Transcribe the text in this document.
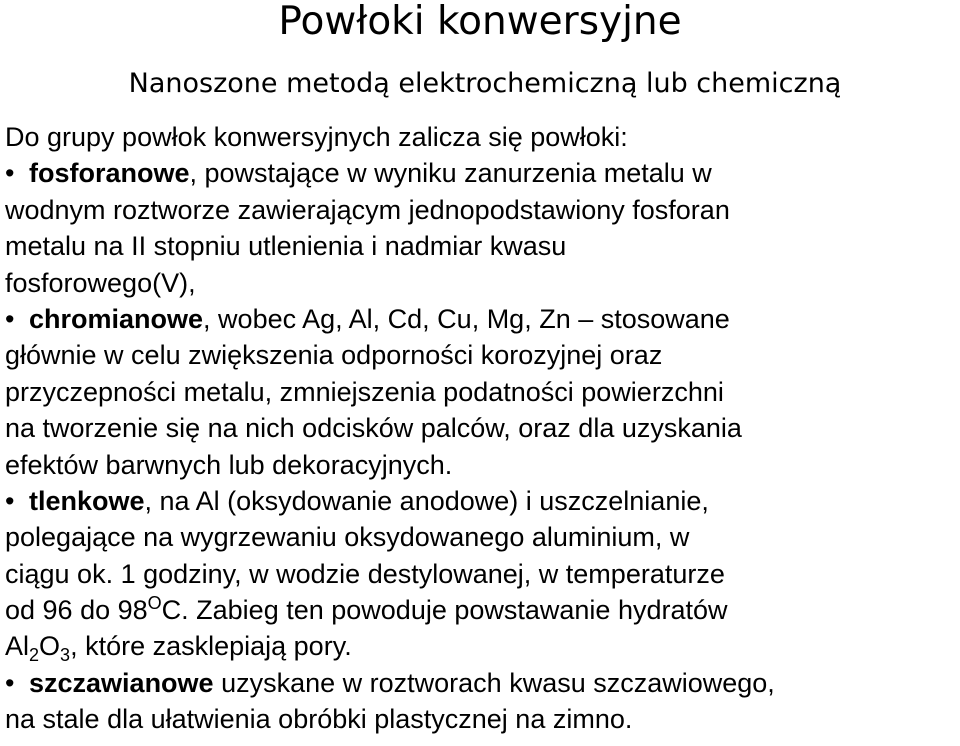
Powłoki konwersyjne
Nanoszone metodą elektrochemiczną lub chemiczną
Do grupy powłok konwersyjnych zalicza się powłoki:
• fosforanowe, powstające w wyniku zanurzenia metalu w
wodnym roztworze zawierającym jednopodstawiony fosforan
metalu na II stopniu utlenienia i nadmiar kwasu
fosforowego(V),
• chromianowe, wobec Ag, Al, Cd, Cu, Mg, Zn – stosowane
głównie w celu zwiększenia odporności korozyjnej oraz
przyczepności metalu, zmniejszenia podatności powierzchni
na tworzenie się na nich odcisków palców, oraz dla uzyskania
efektów barwnych lub dekoracyjnych.
• tlenkowe, na Al (oksydowanie anodowe) i uszczelnianie,
polegające na wygrzewaniu oksydowanego aluminium, w
ciągu ok. 1 godziny, w wodzie destylowanej, w temperaturze
od 96 do $98^OC$. Zabieg ten powoduje powstawanie hydratów
$Al_2O_3$, które zasklepiają pory.
• szczawianowe uzyskane w roztworach kwasu szczawiowego,
na stale dla ułatwienia obróbki plastycznej na zimno.
